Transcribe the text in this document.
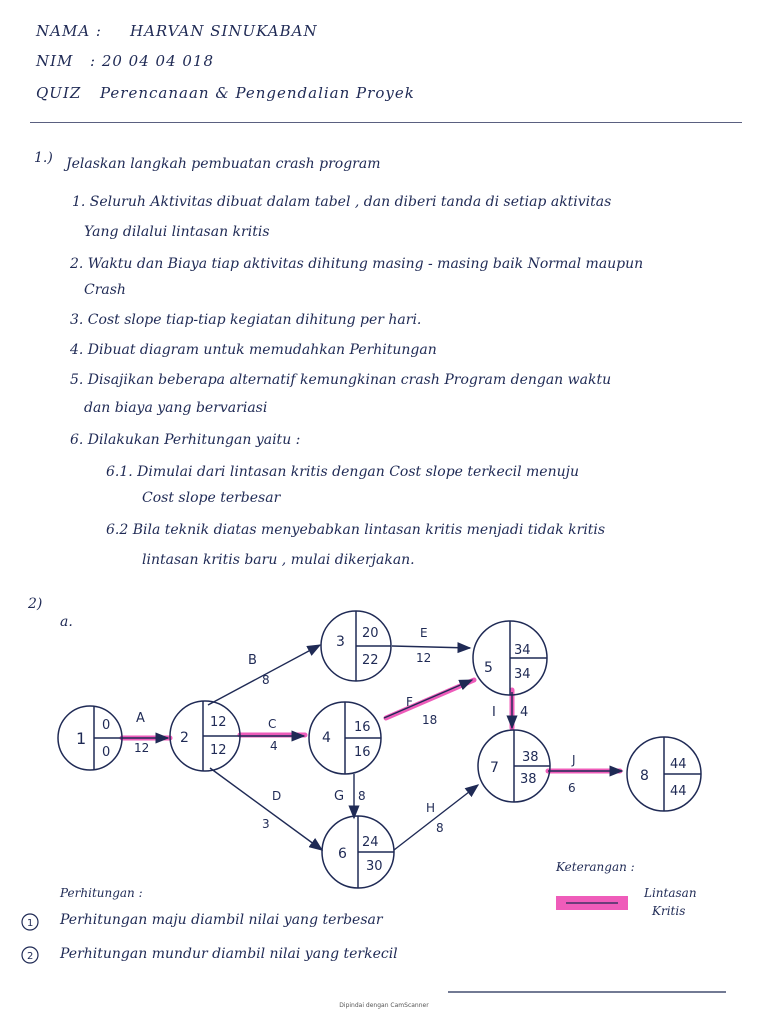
NAMA : HARVAN SINUKABAN
NIM : 20 04 04 018
QUIZ Perencanaan & Pengendalian Proyek
1.) Jelaskan langkah pembuatan crash program
1. Seluruh Aktivitas dibuat dalam tabel , dan diberi tanda di setiap aktivitas
Yang dilalui lintasan kritis
2. Waktu dan Biaya tiap aktivitas dihitung masing - masing baik Normal maupun
Crash
3. Cost slope tiap-tiap kegiatan dihitung per hari.
4. Dibuat diagram untuk memudahkan Perhitungan
5. Disajikan beberapa alternatif kemungkinan crash Program dengan waktu
dan biaya yang bervariasi
6. Dilakukan Perhitungan yaitu :
6.1. Dimulai dari lintasan kritis dengan Cost slope terkecil menuju
Cost slope terbesar
6.2 Bila teknik diatas menyebabkan lintasan kritis menjadi tidak kritis
lintasan kritis baru , mulai dikerjakan.
2)
a.
1
0
0
2
12
12
3
20
22
4
16
16
5
34
34
6
24
30
7
38
38	8
44
44
A
12
B
8
C
4
D
3
E
12
F
18
G 8
H
8
I 4
J
6
1
2
Keterangan :
Lintasan
Kritis
Perhitungan :
Perhitungan maju diambil nilai yang terbesar
Perhitungan mundur diambil nilai yang terkecil
Dipindai dengan CamScanner
